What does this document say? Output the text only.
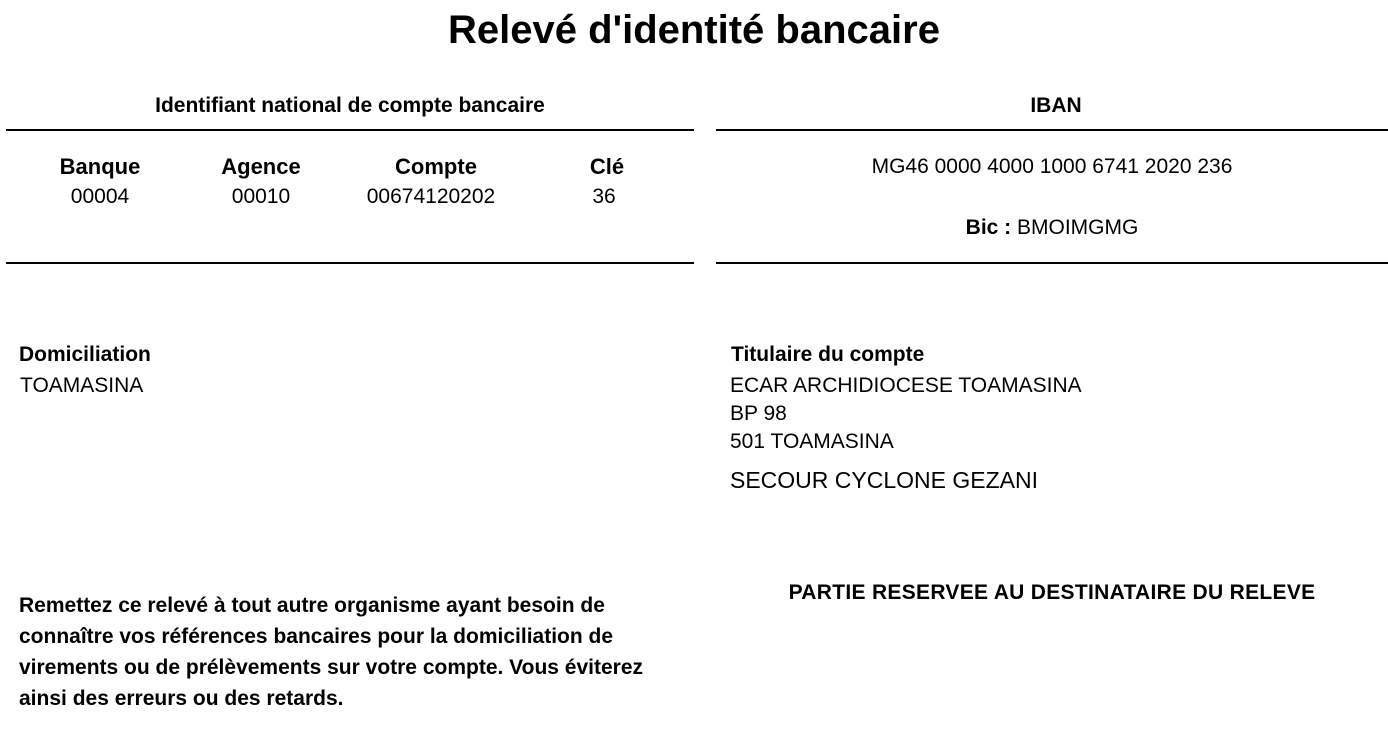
Relevé d'identité bancaire
Identifiant national de compte bancaire
Banque
00004
Agence
00010
Compte
00674120202
Clé
36
IBAN
MG46 0000 4000 1000 6741 2020 236
Bic : BMOIMGMG
Domiciliation
TOAMASINA
Titulaire du compte
ECAR ARCHIDIOCESE TOAMASINA
BP 98
501 TOAMASINA
SECOUR CYCLONE GEZANI
Remettez ce relevé à tout autre organisme ayant besoin de connaître vos références bancaires pour la domiciliation de virements ou de prélèvements sur votre compte. Vous éviterez ainsi des erreurs ou des retards.
PARTIE RESERVEE AU DESTINATAIRE DU RELEVE
